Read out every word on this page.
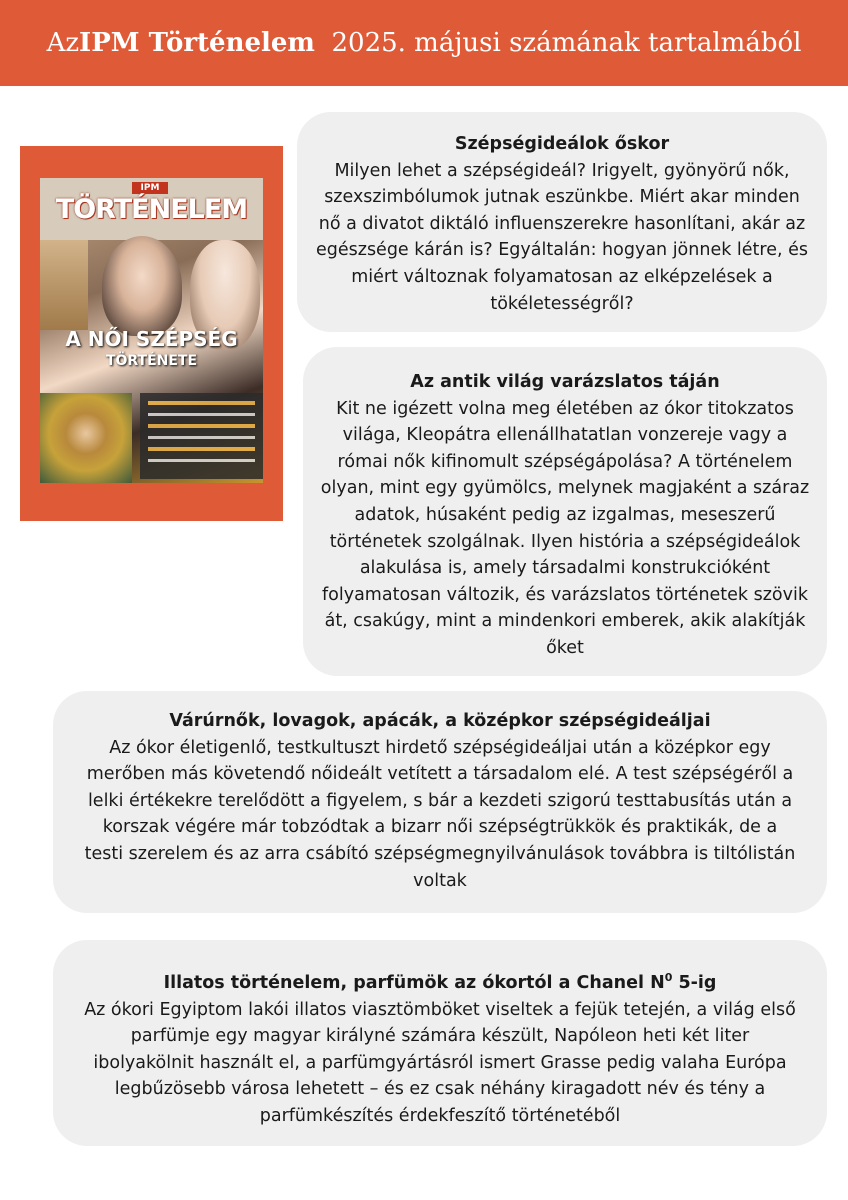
Az IPM Történelem 2025. májusi számának tartalmából
IPM
TÖRTÉNELEM
A NŐI SZÉPSÉG
TÖRTÉNETE
Szépségideálok őskor
Milyen lehet a szépségideál? Irigyelt, gyönyörű nők, szexszimbólumok jutnak eszünkbe. Miért akar minden nő a divatot diktáló influenszerekre hasonlítani, akár az egészsége kárán is? Egyáltalán: hogyan jönnek létre, és miért változnak folyamatosan az elképzelések a tökéletességről?
Az antik világ varázslatos táján
Kit ne igézett volna meg életében az ókor titokzatos világa, Kleopátra ellenállhatatlan vonzereje vagy a római nők kifinomult szépségápolása? A történelem olyan, mint egy gyümölcs, melynek magjaként a száraz adatok, húsaként pedig az izgalmas, meseszerű történetek szolgálnak. Ilyen história a szépségideálok alakulása is, amely társadalmi konstrukcióként folyamatosan változik, és varázslatos történetek szövik át, csakúgy, mint a mindenkori emberek, akik alakítják őket
Várúrnők, lovagok, apácák, a középkor szépségideáljai
Az ókor életigenlő, testkultuszt hirdető szépségideáljai után a középkor egy merőben más követendő nőideált vetített a társadalom elé. A test szépségéről a lelki értékekre terelődött a figyelem, s bár a kezdeti szigorú testtabusítás után a korszak végére már tobzódtak a bizarr női szépségtrükkök és praktikák, de a testi szerelem és az arra csábító szépségmegnyilvánulások továbbra is tiltólistán voltak
Illatos történelem, parfümök az ókortól a Chanel $N^0$ 5-ig
Az ókori Egyiptom lakói illatos viasztömböket viseltek a fejük tetején, a világ első parfümje egy magyar királyné számára készült, Napóleon heti két liter ibolyakölnit használt el, a parfümgyártásról ismert Grasse pedig valaha Európa legbűzösebb városa lehetett – és ez csak néhány kiragadott név és tény a parfümkészítés érdekfeszítő történetéből
